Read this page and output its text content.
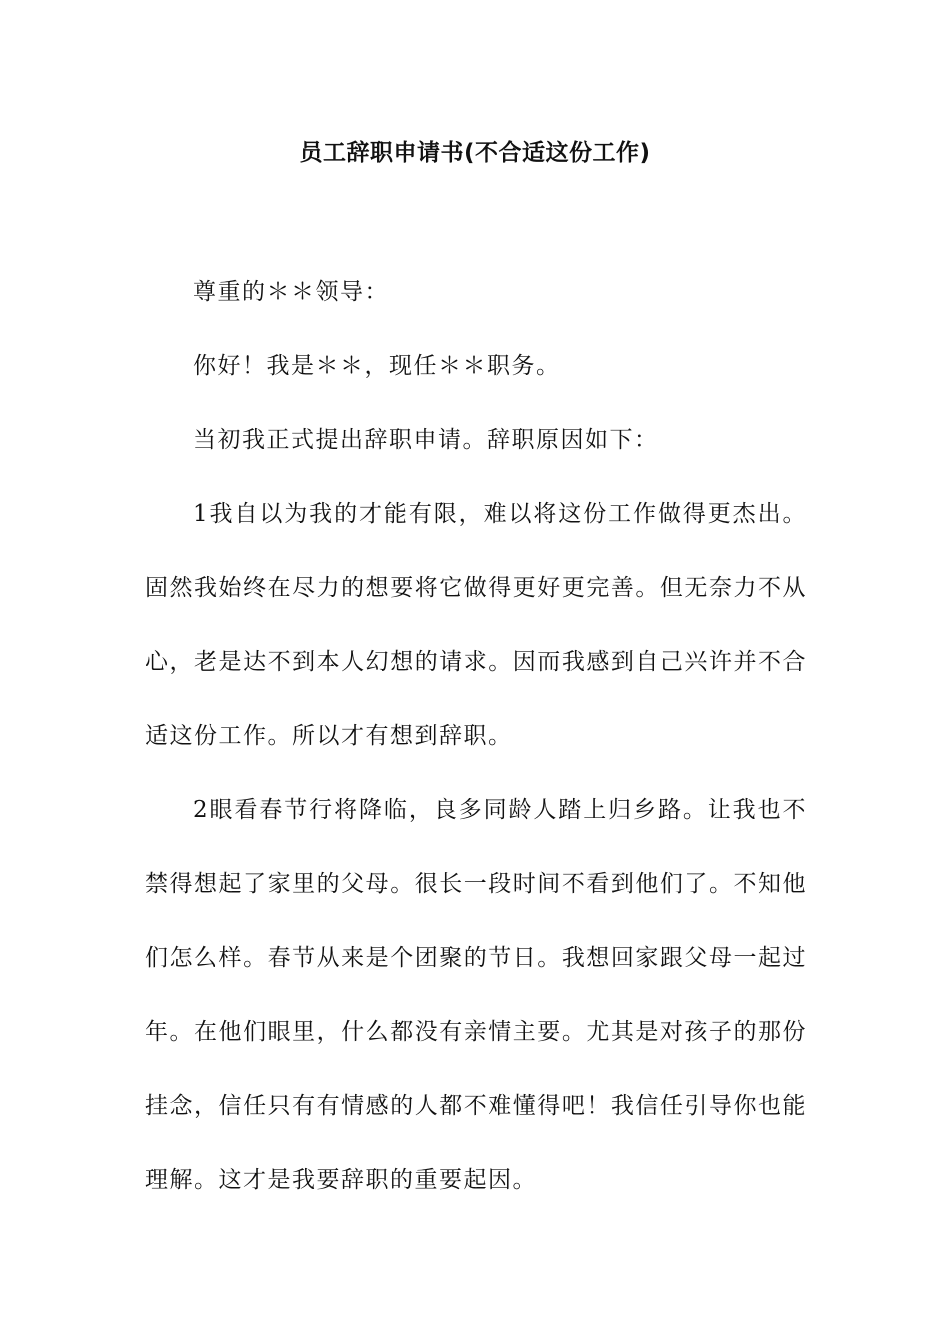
员工辞职申请书(不合适这份工作)

尊重的＊＊领导：

你好！我是＊＊，现任＊＊职务。

当初我正式提出辞职申请。辞职原因如下：

1我自以为我的才能有限，难以将这份工作做得更杰出。固然我始终在尽力的想要将它做得更好更完善。但无奈力不从心，老是达不到本人幻想的请求。因而我感到自己兴许并不合适这份工作。所以才有想到辞职。

2眼看春节行将降临，良多同龄人踏上归乡路。让我也不禁得想起了家里的父母。很长一段时间不看到他们了。不知他们怎么样。春节从来是个团聚的节日。我想回家跟父母一起过年。在他们眼里，什么都没有亲情主要。尤其是对孩子的那份挂念，信任只有有情感的人都不难懂得吧！我信任引导你也能理解。这才是我要辞职的重要起因。
